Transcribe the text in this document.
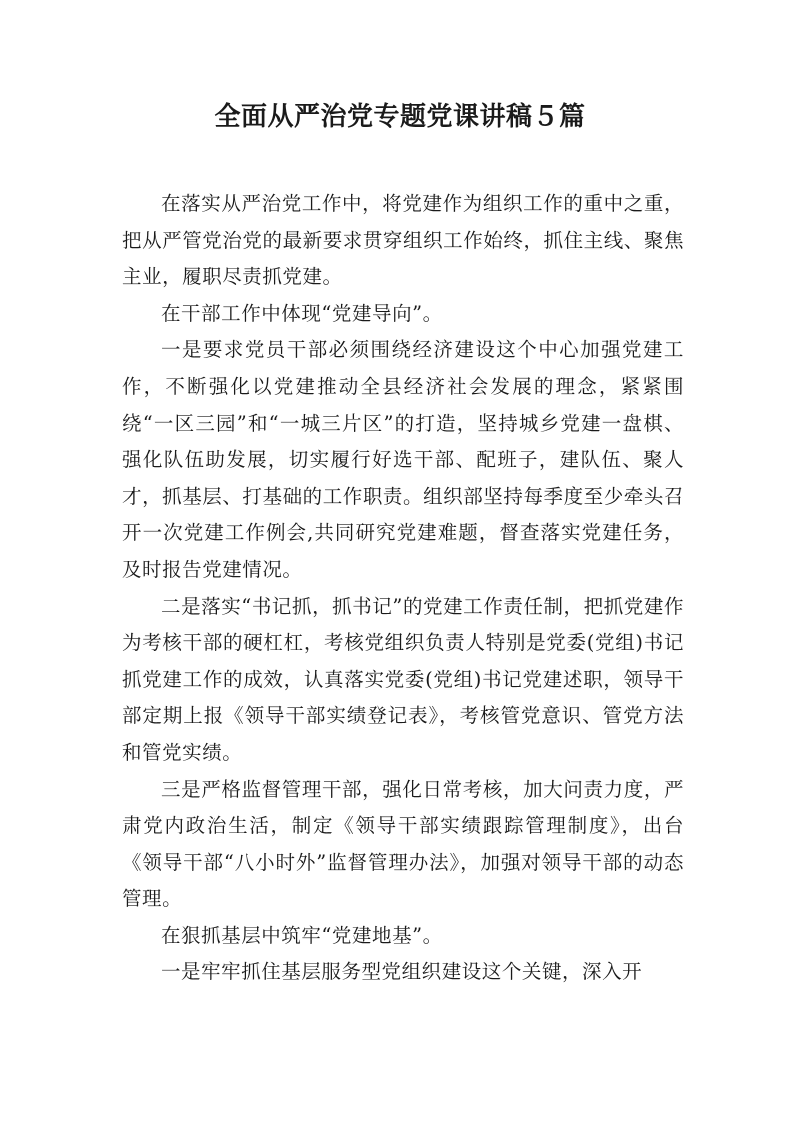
全面从严治党专题党课讲稿５篇

在落实从严治党工作中，将党建作为组织工作的重中之重，把从严管党治党的最新要求贯穿组织工作始终，抓住主线、聚焦主业，履职尽责抓党建。

在干部工作中体现“党建导向”。

一是要求党员干部必须围绕经济建设这个中心加强党建工作，不断强化以党建推动全县经济社会发展的理念，紧紧围绕“一区三园”和“一城三片区”的打造，坚持城乡党建一盘棋、强化队伍助发展，切实履行好选干部、配班子，建队伍、聚人才，抓基层、打基础的工作职责。组织部坚持每季度至少牵头召开一次党建工作例会,共同研究党建难题，督查落实党建任务，及时报告党建情况。

二是落实“书记抓，抓书记”的党建工作责任制，把抓党建作为考核干部的硬杠杠，考核党组织负责人特别是党委(党组)书记抓党建工作的成效，认真落实党委(党组)书记党建述职，领导干部定期上报《领导干部实绩登记表》，考核管党意识、管党方法和管党实绩。

三是严格监督管理干部，强化日常考核，加大问责力度，严肃党内政治生活，制定《领导干部实绩跟踪管理制度》，出台《领导干部“八小时外”监督管理办法》，加强对领导干部的动态管理。

在狠抓基层中筑牢“党建地基”。

一是牢牢抓住基层服务型党组织建设这个关键，深入开
